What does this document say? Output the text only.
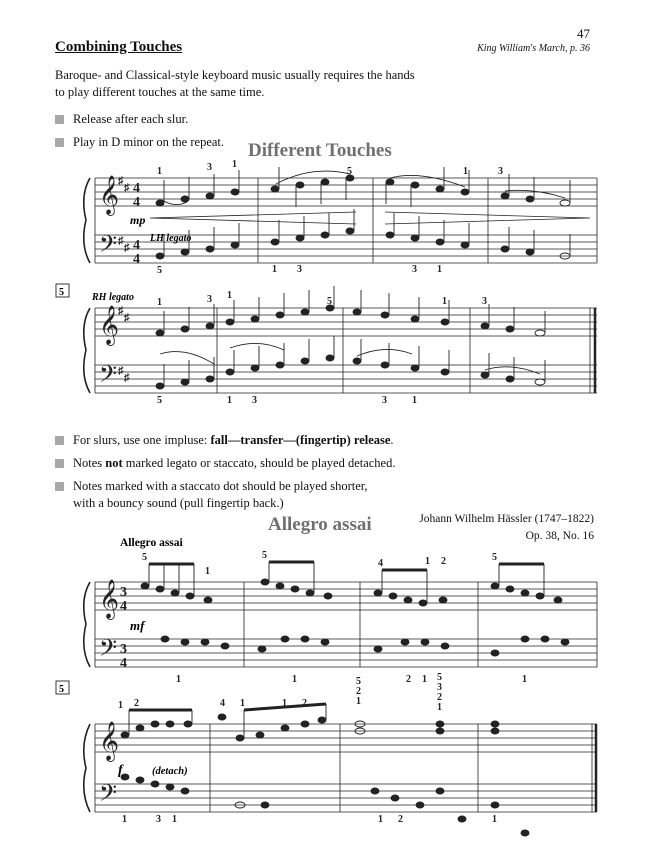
47
King William's March, p. 36
Combining Touches
Baroque- and Classical-style keyboard music usually requires the hands to play different touches at the same time.
Release after each slur.
Play in D minor on the repeat. Different Touches
𝄞
𝄢
𝄞
𝄢
♯
♯
♯
♯
♯
♯
♯
♯
4
4
4
4
1	3 1
5	1	3
5	1 3	3 1
1	3 1
5	1	3
5	1 3	3	1
mp
LH legato
RH legato
5
For slurs, use one impluse: fall—transfer—(fingertip) release.
Notes not marked legato or staccato, should be played detached.
Notes marked with a staccato dot should be played shorter, with a bouncy sound (pull fingertip back.)
Johann Wilhelm Hässler (1747–1822)
Op. 38, No. 16
Allegro assai
Allegro assai
𝄞
𝄢
𝄞
𝄢
3
4
3
4
5
1
5
4	1 2	5
1	1	2 1	1
1 2	4 1	1 2
5
2
1
5
3
2
1
1	3 1	1 2	1
mf
f	(detach)
5
